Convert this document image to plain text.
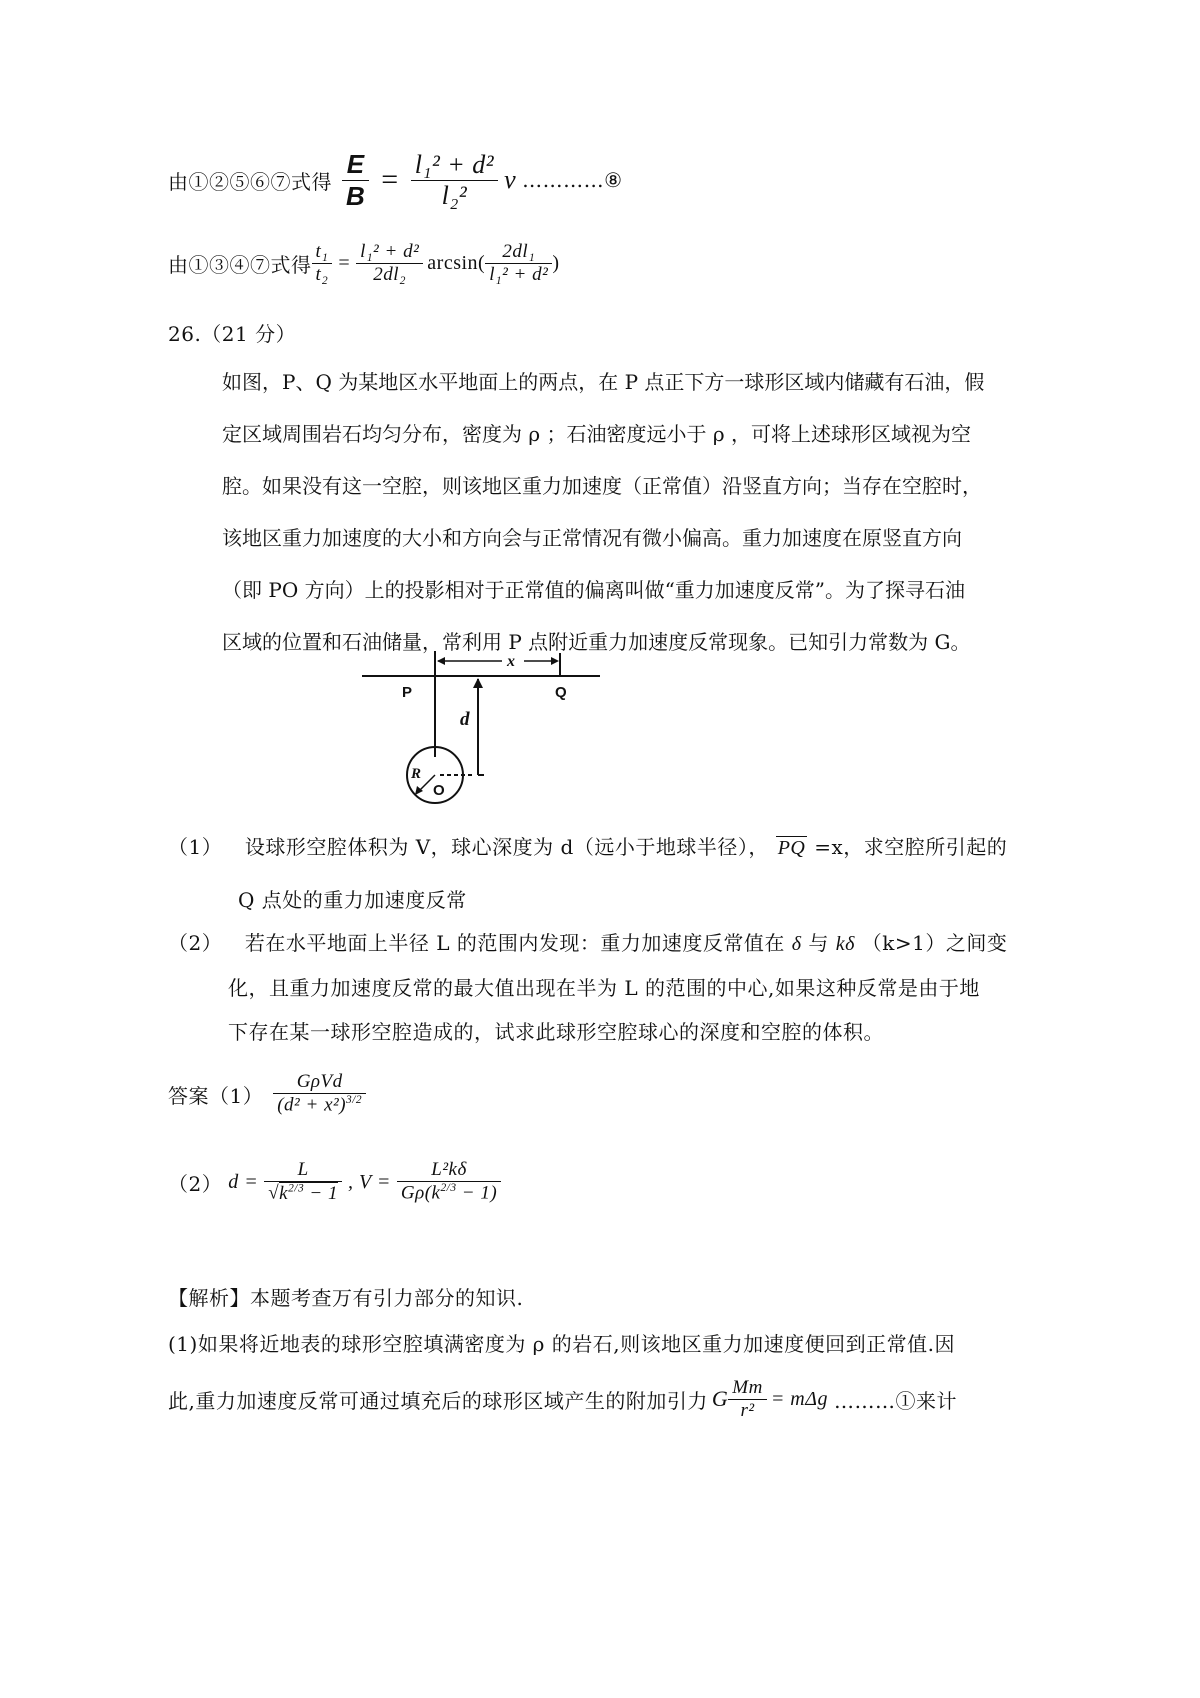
由①②⑤⑥⑦式得 $\frac{E}{B} = \frac{\text{l₁² + d²}}{\text{l₂²}}$ v …………⑧
由①③④⑦式得 $\frac{\text{t₁}}{\text{t₂}} = \frac{\text{l₁² + d²}}{\text{2dl₂}} \arcsin( \frac{\text{2dl₁}}{\text{l₁² + d²}}$ )
26.（21 分）
如图，P、Q 为某地区水平地面上的两点，在 P 点正下方一球形区域内储藏有石油，假
定区域周围岩石均匀分布，密度为 ρ ；石油密度远小于 ρ ，可将上述球形区域视为空
腔。如果没有这一空腔，则该地区重力加速度（正常值）沿竖直方向；当存在空腔时，
该地区重力加速度的大小和方向会与正常情况有微小偏高。重力加速度在原竖直方向
（即 PO 方向）上的投影相对于正常值的偏离叫做“重力加速度反常”。为了探寻石油
区域的位置和石油储量，常利用 P 点附近重力加速度反常现象。已知引力常数为 G。
P	Q
x
d
R
O
（1） 设球形空腔体积为 V，球心深度为 d（远小于地球半径）， PQ =x，求空腔所引起的
Q 点处的重力加速度反常
（2） 若在水平地面上半径 L 的范围内发现：重力加速度反常值在 δ 与 kδ （k>1）之间变
化，且重力加速度反常的最大值出现在半为 L 的范围的中心,如果这种反常是由于地
下存在某一球形空腔造成的，试求此球形空腔球心的深度和空腔的体积。
答案$(1) \frac{\text{GρVd}}{(d^2 + x^2)^{3/2}}$
（2） $d = \frac{L}{√k^{2/3} - 1}$ , $V = \frac{\text{L²kδ}}{G\rho(k^{2/3} - 1)}$
【解析】本题考查万有引力部分的知识.
(1)如果将近地表的球形空腔填满密度为 ρ 的岩石,则该地区重力加速度便回到正常值.因
此,重力加速度反常可通过填充后的球形区域产生的附加引力 G $\frac{Mm}{\text{r²}} = m\Delta g$ ………①来计
